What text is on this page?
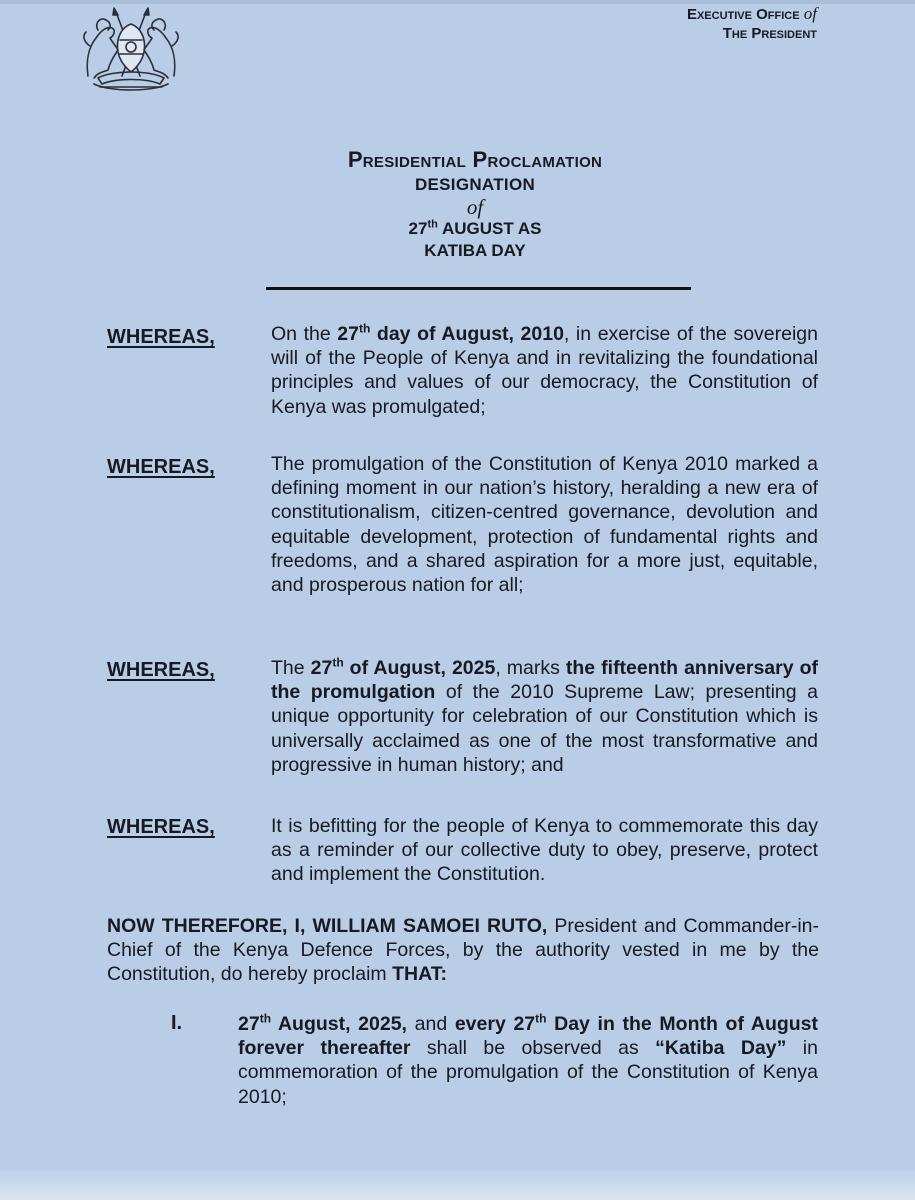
Executive Office of
The President
Presidential Proclamation
DESIGNATION
of
27th AUGUST AS
KATIBA DAY
WHEREAS,	On the 27th day of August, 2010, in exercise of the sovereign will of the People of Kenya and in revitalizing the foundational principles and values of our democracy, the Constitution of Kenya was promulgated;
WHEREAS,	The promulgation of the Constitution of Kenya 2010 marked a defining moment in our nation’s history, heralding a new era of constitutionalism, citizen-centred governance, devolution and equitable development, protection of fundamental rights and freedoms, and a shared aspiration for a more just, equitable, and prosperous nation for all;
WHEREAS,	The 27th of August, 2025, marks the fifteenth anniversary of the promulgation of the 2010 Supreme Law; presenting a unique opportunity for celebration of our Constitution which is universally acclaimed as one of the most transformative and progressive in human history; and
WHEREAS,	It is befitting for the people of Kenya to commemorate this day as a reminder of our collective duty to obey, preserve, protect and implement the Constitution.
NOW THEREFORE, I, WILLIAM SAMOEI RUTO, President and Commander-in-Chief of the Kenya Defence Forces, by the authority vested in me by the Constitution, do hereby proclaim THAT:
I.	27th August, 2025, and every 27th Day in the Month of August forever thereafter shall be observed as “Katiba Day” in commemoration of the promulgation of the Constitution of Kenya 2010;
